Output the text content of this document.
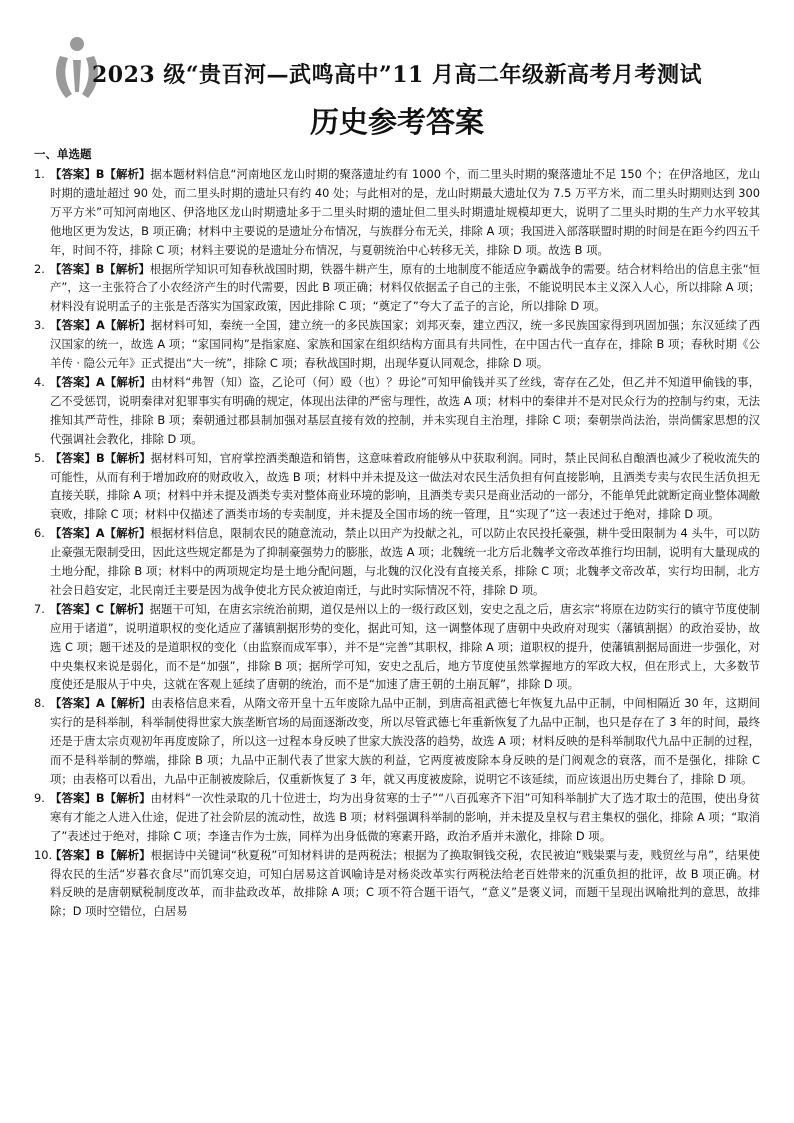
2023 级“贵百河—武鸣高中”11 月高二年级新高考月考测试
历史参考答案
一、单选题

1. 【答案】B【解析】据本题材料信息“河南地区龙山时期的聚落遗址约有 1000 个，而二里头时期的聚落遗址不足 150 个；在伊洛地区，龙山时期的遗址超过 90 处，而二里头时期的遗址只有约 40 处；与此相对的是，龙山时期最大遗址仅为 7.5 万平方米，而二里头时期则达到 300 万平方米”可知河南地区、伊洛地区龙山时期遗址多于二里头时期的遗址但二里头时期遗址规模却更大，说明了二里头时期的生产力水平较其他地区更为发达，B 项正确；材料中主要说的是遗址分布情况，与族群分布无关，排除 A 项；我国进入部落联盟时期的时间是在距今约四五千年，时间不符，排除 C 项；材料主要说的是遗址分布情况，与夏朝统治中心转移无关，排除 D 项。故选 B 项。

2. 【答案】B【解析】根据所学知识可知春秋战国时期，铁器牛耕产生，原有的土地制度不能适应争霸战争的需要。结合材料给出的信息主张“恒产”，这一主张符合了小农经济产生的时代需要，因此 B 项正确；材料仅依据孟子自己的主张，不能说明民本主义深入人心，所以排除 A 项；材料没有说明孟子的主张是否落实为国家政策，因此排除 C 项；“奠定了”夸大了孟子的言论，所以排除 D 项。

3. 【答案】A【解析】据材料可知，秦统一全国，建立统一的多民族国家；刘邦灭秦，建立西汉，统一多民族国家得到巩固加强；东汉延续了西汉国家的统一，故选 A 项；“家国同构”是指家庭、家族和国家在组织结构方面具有共同性，在中国古代一直存在，排除 B 项；春秋时期《公羊传 · 隐公元年》正式提出“大一统”，排除 C 项；春秋战国时期，出现华夏认同观念，排除 D 项。

4. 【答案】A【解析】由材料“弗智（知）盗，乙论可（何）殴（也）？毋论”可知甲偷钱并买了丝线，寄存在乙处，但乙并不知道甲偷钱的事，乙不受惩罚，说明秦律对犯罪事实有明确的规定，体现出法律的严密与理性，故选 A 项；材料中的秦律并不是对民众行为的控制与约束，无法推知其严苛性，排除 B 项；秦朝通过郡县制加强对基层直接有效的控制，并未实现自主治理，排除 C 项；秦朝崇尚法治，崇尚儒家思想的汉代强调社会教化，排除 D 项。

5. 【答案】B【解析】据材料可知，官府掌控酒类酿造和销售，这意味着政府能够从中获取利润。同时，禁止民间私自酿酒也减少了税收流失的可能性，从而有利于增加政府的财政收入，故选 B 项；材料中并未提及这一做法对农民生活负担有何直接影响，且酒类专卖与农民生活负担无直接关联，排除 A 项；材料中并未提及酒类专卖对整体商业环境的影响，且酒类专卖只是商业活动的一部分，不能单凭此就断定商业整体凋敝衰败，排除 C 项；材料中仅描述了酒类市场的专卖制度，并未提及全国市场的统一管理，且“实现了”这一表述过于绝对，排除 D 项。

6. 【答案】A【解析】根据材料信息，限制农民的随意流动，禁止以田产为投献之礼，可以防止农民投托豪强，耕牛受田限制为 4 头牛，可以防止豪强无限制受田，因此这些规定都是为了抑制豪强势力的膨胀，故选 A 项；北魏统一北方后北魏孝文帝改革推行均田制，说明有大量现成的土地分配，排除 B 项；材料中的两项规定均是土地分配问题，与北魏的汉化没有直接关系，排除 C 项；北魏孝文帝改革，实行均田制，北方社会日趋安定，北民南迁主要是因为战争使北方民众被迫南迁，与此时实际情况不符，排除 D 项。

7. 【答案】C【解析】据题干可知，在唐玄宗统治前期，道仅是州以上的一级行政区划，安史之乱之后，唐玄宗“将原在边防实行的镇守节度使制应用于诸道”，说明道职权的变化适应了藩镇割据形势的变化，据此可知，这一调整体现了唐朝中央政府对现实（藩镇割据）的政治妥协，故选 C 项；题干述及的是道职权的变化（由监察而成军事），并不是“完善”其职权，排除 A 项；道职权的提升，使藩镇割据局面进一步强化，对中央集权来说是弱化，而不是“加强”，排除 B 项；据所学可知，安史之乱后，地方节度使虽然掌握地方的军政大权，但在形式上，大多数节度使还是服从于中央，这就在客观上延续了唐朝的统治，而不是“加速了唐王朝的土崩瓦解”，排除 D 项。

8. 【答案】A【解析】由表格信息来看，从隋文帝开皇十五年废除九品中正制，到唐高祖武德七年恢复九品中正制，中间相隔近 30 年，这期间实行的是科举制，科举制使得世家大族垄断官场的局面逐渐改变，所以尽管武德七年重新恢复了九品中正制，也只是存在了 3 年的时间，最终还是于唐太宗贞观初年再度废除了，所以这一过程本身反映了世家大族没落的趋势，故选 A 项；材料反映的是科举制取代九品中正制的过程，而不是科举制的弊端，排除 B 项；九品中正制代表了世家大族的利益，它两度被废除本身反映的是门阀观念的衰落，而不是强化，排除 C 项；由表格可以看出，九品中正制被废除后，仅重新恢复了 3 年，就又再度被废除，说明它不该延续，而应该退出历史舞台了，排除 D 项。

9. 【答案】B【解析】由材料“一次性录取的几十位进士，均为出身贫寒的士子”“八百孤寒齐下泪”可知科举制扩大了选才取士的范围，使出身贫寒有才能之人进入仕途，促进了社会阶层的流动性，故选 B 项；材料强调科举制的影响，并未提及皇权与君主集权的强化，排除 A 项；“取消了”表述过于绝对，排除 C 项；李逢吉作为士族，同样为出身低微的寒素开路，政治矛盾并未激化，排除 D 项。

10.
【答案】B【解析】根据诗中关键词“秋夏税”可知材料讲的是两税法；根据为了换取铜钱交税，农民被迫“贱粜粟与麦，贱贸丝与帛”，结果使得农民的生活“岁暮衣食尽”而饥寒交迫，可知白居易这首讽喻诗是对杨炎改革实行两税法给老百姓带来的沉重负担的批评，故 B 项正确。材料反映的是唐朝赋税制度改革，而非盐政改革，故排除 A 项；C 项不符合题干语气，“意义”是褒义词，而题干呈现出讽喻批判的意思，故排除；D 项时空错位，白居易
